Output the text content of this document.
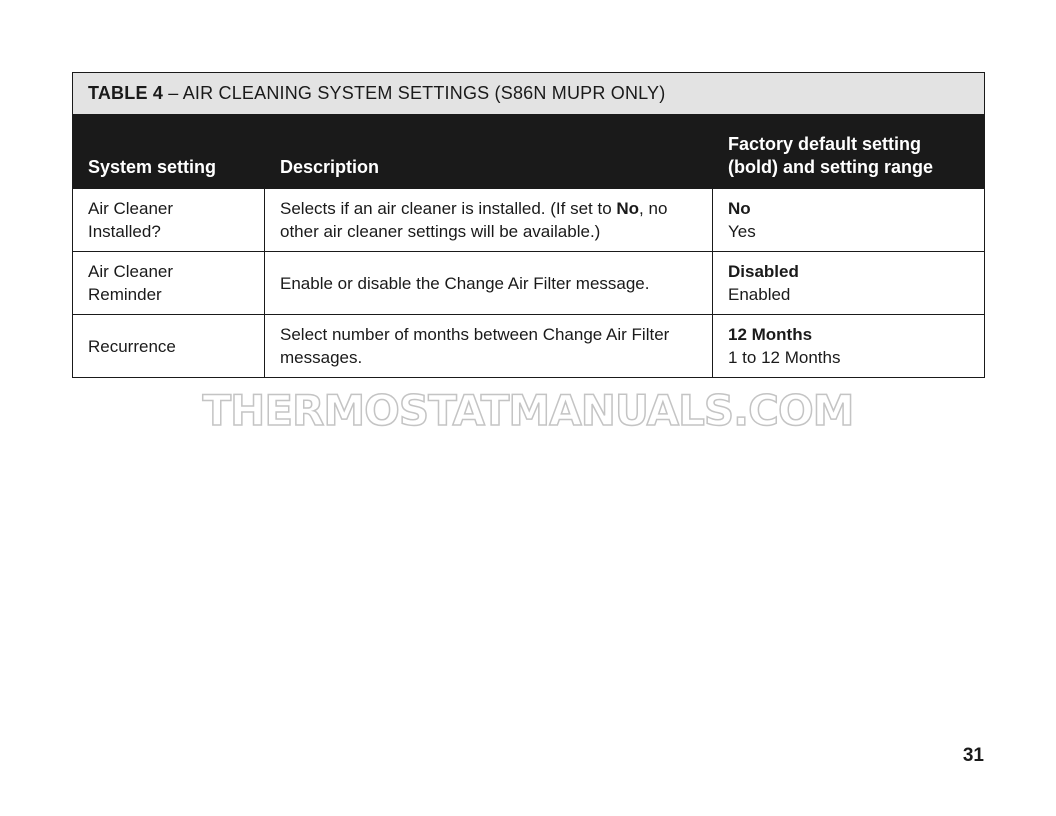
TABLE 4 – AIR CLEANING SYSTEM SETTINGS (S86N MUPR ONLY)		
System setting	Description	Factory default setting (bold) and setting range
Air Cleaner Installed?	Selects if an air cleaner is installed. (If set to No, no other air cleaner settings will be available.)	No
Yes

Air Cleaner Reminder	Enable or disable the Change Air Filter message.	Disabled
Enabled

Recurrence	Select number of months between Change Air Filter messages.	12 Months
1 to 12 Months
THERMOSTATMANUALS.COM
31
